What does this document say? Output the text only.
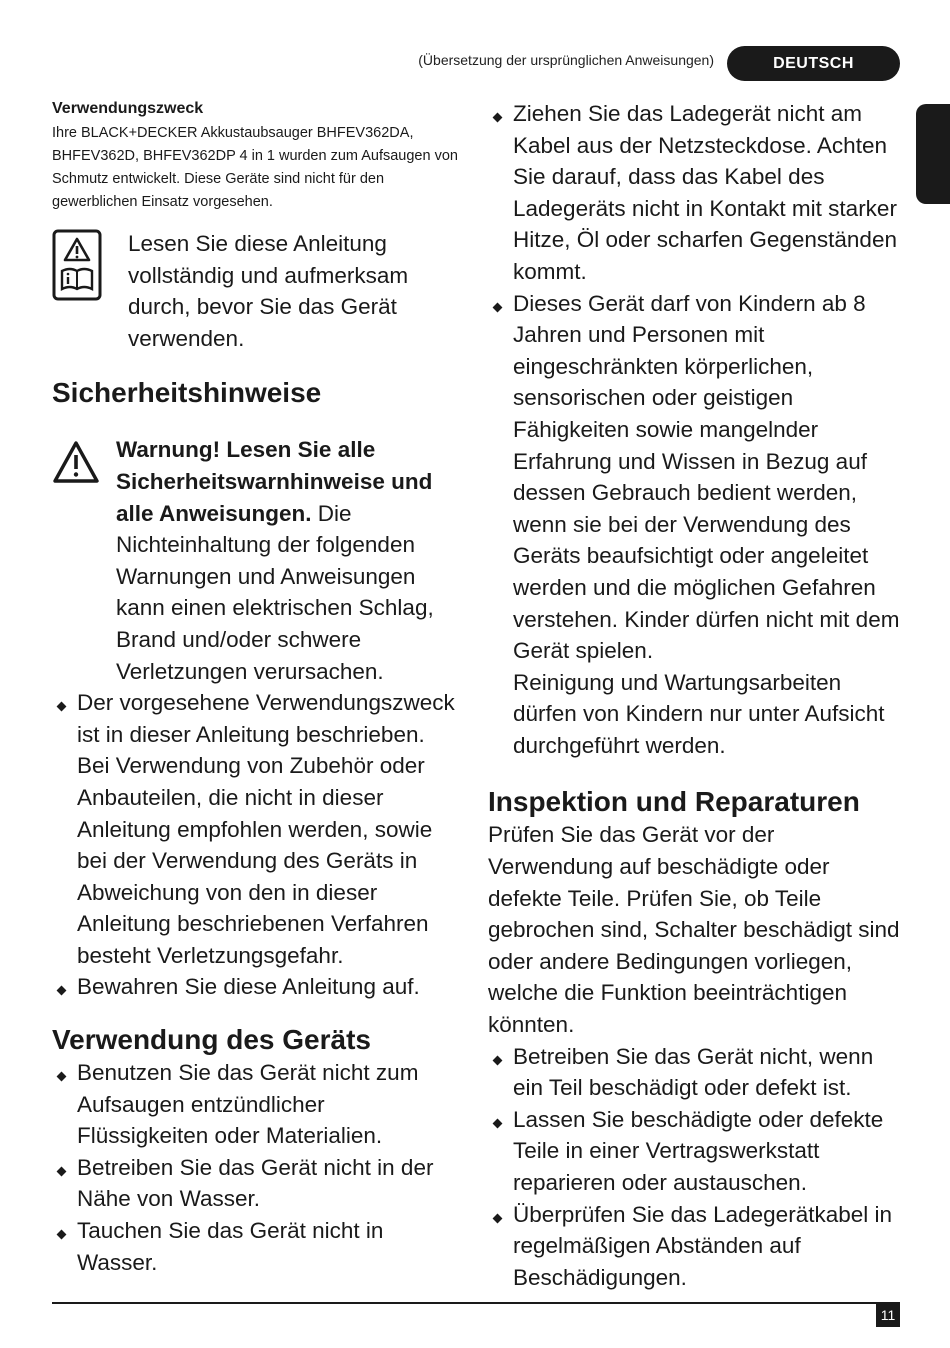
(Übersetzung der ursprünglichen Anweisungen)	DEUTSCH

Verwendungszweck

Ihre BLACK+DECKER Akkustaubsauger BHFEV362DA, BHFEV362D, BHFEV362DP 4 in 1 wurden zum Aufsaugen von Schmutz entwickelt. Diese Geräte sind nicht für den gewerblichen Einsatz vorgesehen.

Lesen Sie diese Anleitung vollständig und aufmerksam durch, bevor Sie das Gerät verwenden.

Sicherheitshinweise

Warnung! Lesen Sie alle Sicherheitswarnhinweise und alle Anweisungen. Die Nichteinhaltung der folgenden Warnungen und Anweisungen kann einen elektrischen Schlag, Brand und/oder schwere Verletzungen verursachen.

Der vorgesehene Verwendungszweck ist in dieser Anleitung beschrieben. Bei Verwendung von Zubehör oder Anbauteilen, die nicht in dieser Anleitung empfohlen werden, sowie bei der Verwendung des Geräts in Abweichung von den in dieser Anleitung beschriebenen Verfahren besteht Verletzungsgefahr.
Bewahren Sie diese Anleitung auf.
Verwendung des Geräts
Benutzen Sie das Gerät nicht zum Aufsaugen entzündlicher Flüssigkeiten oder Materialien.
Betreiben Sie das Gerät nicht in der Nähe von Wasser.
Tauchen Sie das Gerät nicht in Wasser.
Ziehen Sie das Ladegerät nicht am Kabel aus der Netzsteckdose. Achten Sie darauf, dass das Kabel des Ladegeräts nicht in Kontakt mit starker Hitze, Öl oder scharfen Gegenständen kommt.
Dieses Gerät darf von Kindern ab 8 Jahren und Personen mit eingeschränkten körperlichen, sensorischen oder geistigen Fähigkeiten sowie mangelnder Erfahrung und Wissen in Bezug auf dessen Gebrauch bedient werden, wenn sie bei der Verwendung des Geräts beaufsichtigt oder angeleitet werden und die möglichen Gefahren verstehen. Kinder dürfen nicht mit dem Gerät spielen.
Reinigung und Wartungsarbeiten dürfen von Kindern nur unter Aufsicht durchgeführt werden.
Inspektion und Reparaturen

Prüfen Sie das Gerät vor der Verwendung auf beschädigte oder defekte Teile. Prüfen Sie, ob Teile gebrochen sind, Schalter beschädigt sind oder andere Bedingungen vorliegen, welche die Funktion beeinträchtigen könnten.

Betreiben Sie das Gerät nicht, wenn ein Teil beschädigt oder defekt ist.
Lassen Sie beschädigte oder defekte Teile in einer Vertragswerkstatt reparieren oder austauschen.
Überprüfen Sie das Ladegerätkabel in regelmäßigen Abständen auf Beschädigungen.
11
